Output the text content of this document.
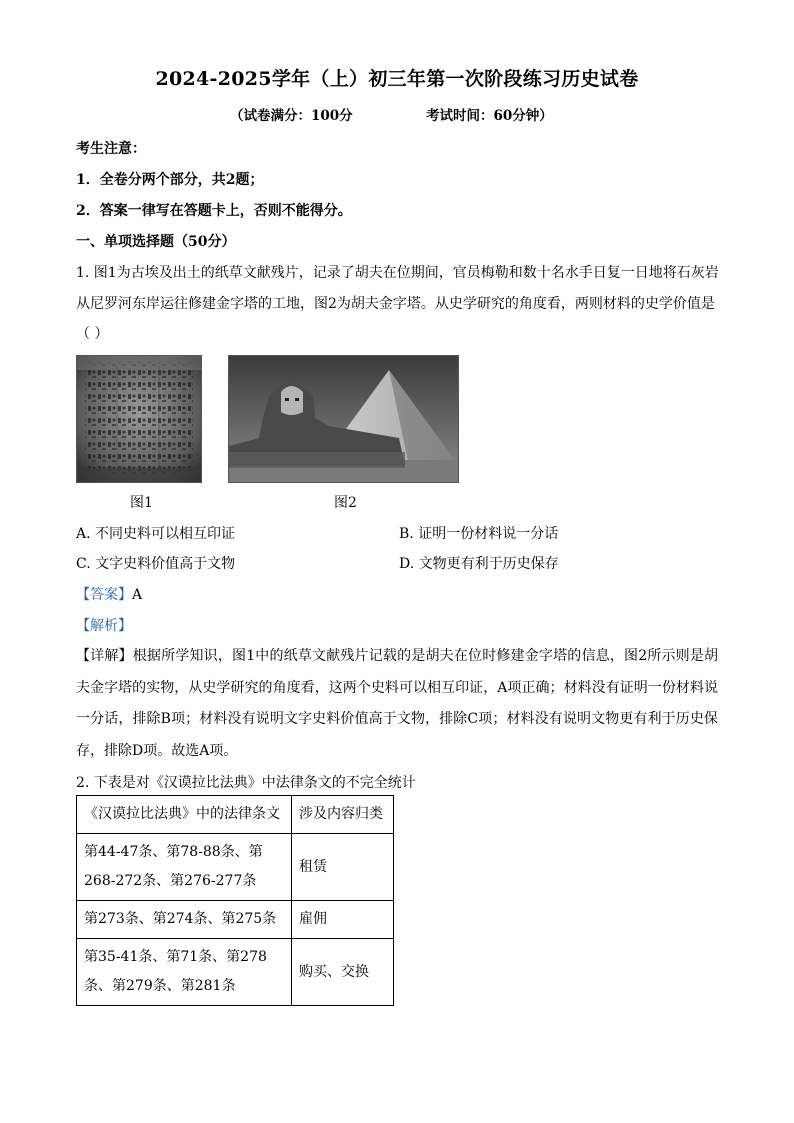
2024-2025学年（上）初三年第一次阶段练习历史试卷
（试卷满分：100分	考试时间：60分钟）
考生注意：
1．全卷分两个部分，共2题；
2．答案一律写在答题卡上，否则不能得分。
一、单项选择题（50分）
1. 图1为古埃及出土的纸草文献残片，记录了胡夫在位期间，官员梅勒和数十名水手日复一日地将石灰岩
从尼罗河东岸运往修建金字塔的工地，图2为胡夫金字塔。从史学研究的角度看，两则材料的史学价值是
（ ）
图1	图2
A. 不同史料可以相互印证	B. 证明一份材料说一分话
C. 文字史料价值高于文物	D. 文物更有利于历史保存
【答案】A
【解析】
【详解】根据所学知识，图1中的纸草文献残片记载的是胡夫在位时修建金字塔的信息，图2所示则是胡夫金字塔的实物，从史学研究的角度看，这两个史料可以相互印证，A项正确；材料没有证明一份材料说一分话，排除B项；材料没有说明文字史料价值高于文物，排除C项；材料没有说明文物更有利于历史保存，排除D项。故选A项。
2. 下表是对《汉谟拉比法典》中法律条文的不完全统计
《汉谟拉比法典》中的法律条文	涉及内容归类
第44-47条、第78-88条、第268-272条、第276-277条	租赁
第273条、第274条、第275条	雇佣
第35-41条、第71条、第278条、第279条、第281条	购买、交换
